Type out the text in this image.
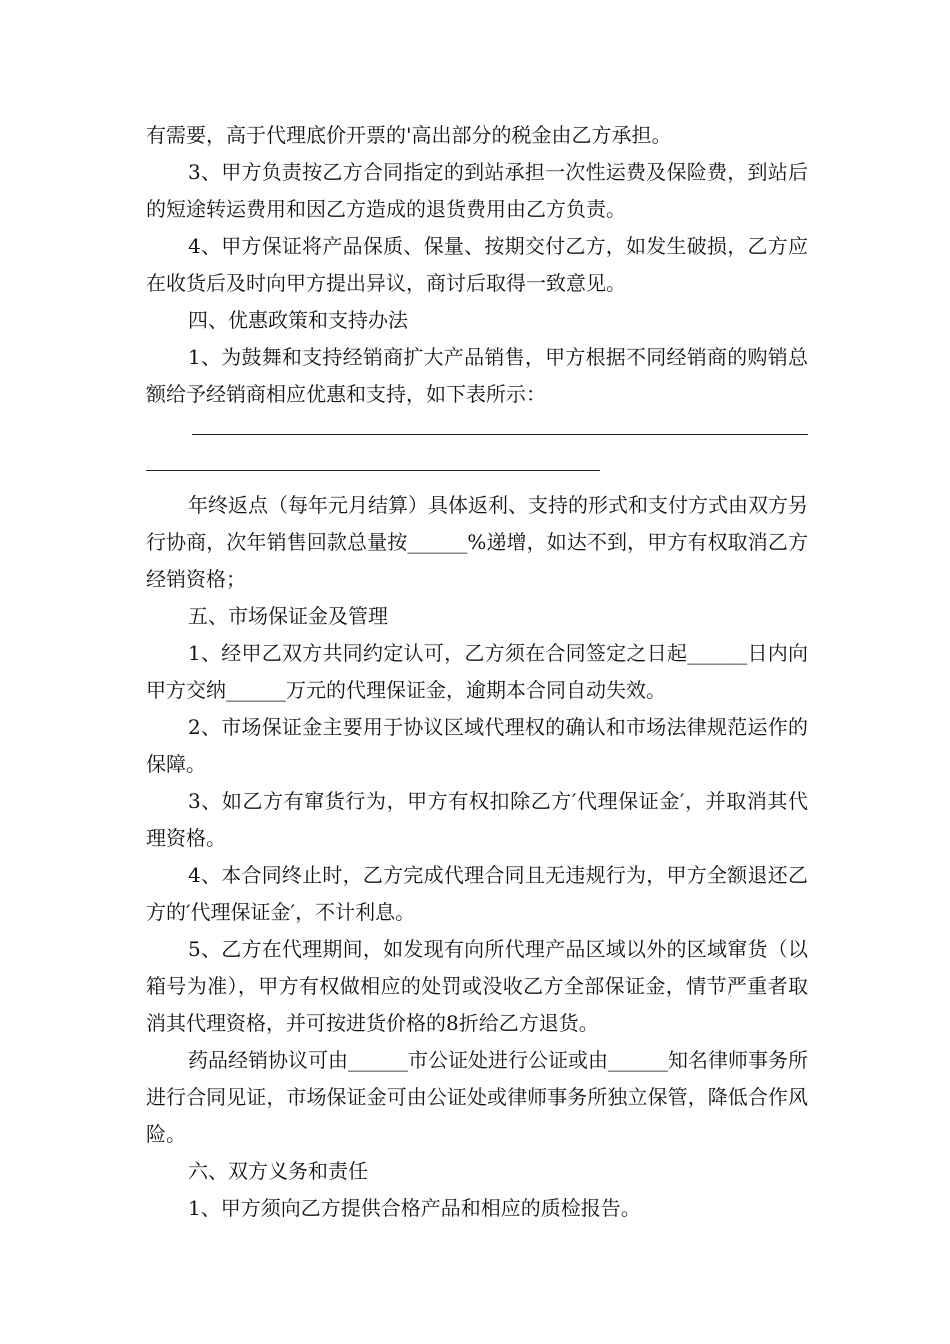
有需要，高于代理底价开票的'高出部分的税金由乙方承担。

3、甲方负责按乙方合同指定的到站承担一次性运费及保险费，到站后的短途转运费用和因乙方造成的退货费用由乙方负责。

4、甲方保证将产品保质、保量、按期交付乙方，如发生破损，乙方应在收货后及时向甲方提出异议，商讨后取得一致意见。

四、优惠政策和支持办法

1、为鼓舞和支持经销商扩大产品销售，甲方根据不同经销商的购销总额给予经销商相应优惠和支持，如下表所示：

年终返点（每年元月结算）具体返利、支持的形式和支付方式由双方另行协商，次年销售回款总量按______%递增，如达不到，甲方有权取消乙方经销资格；

五、市场保证金及管理

1、经甲乙双方共同约定认可，乙方须在合同签定之日起______日内向甲方交纳______万元的代理保证金，逾期本合同自动失效。

2、市场保证金主要用于协议区域代理权的确认和市场法律规范运作的保障。

3、如乙方有窜货行为，甲方有权扣除乙方′代理保证金′，并取消其代理资格。

4、本合同终止时，乙方完成代理合同且无违规行为，甲方全额退还乙方的′代理保证金′，不计利息。

5、乙方在代理期间，如发现有向所代理产品区域以外的区域窜货（以箱号为准），甲方有权做相应的处罚或没收乙方全部保证金，情节严重者取消其代理资格，并可按进货价格的8折给乙方退货。

药品经销协议可由______市公证处进行公证或由______知名律师事务所进行合同见证，市场保证金可由公证处或律师事务所独立保管，降低合作风险。

六、双方义务和责任

1、甲方须向乙方提供合格产品和相应的质检报告。
